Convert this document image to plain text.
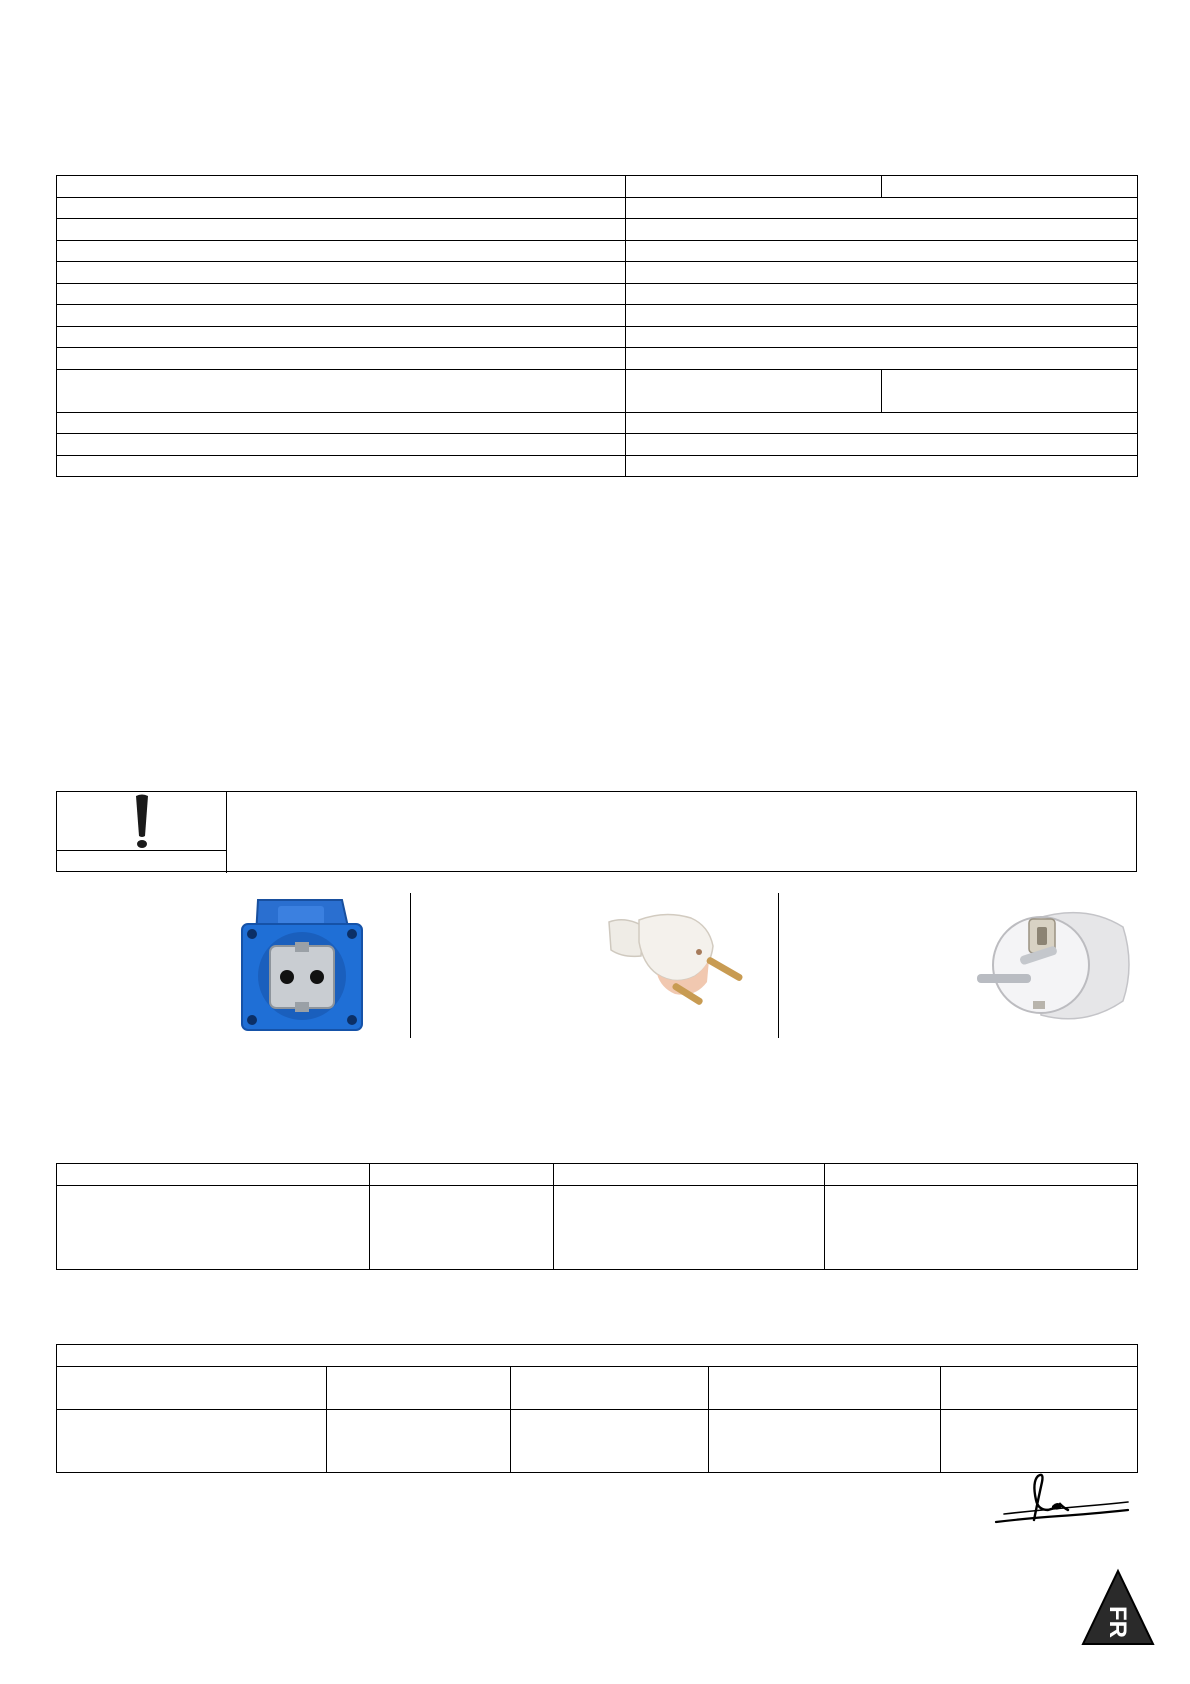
FR
